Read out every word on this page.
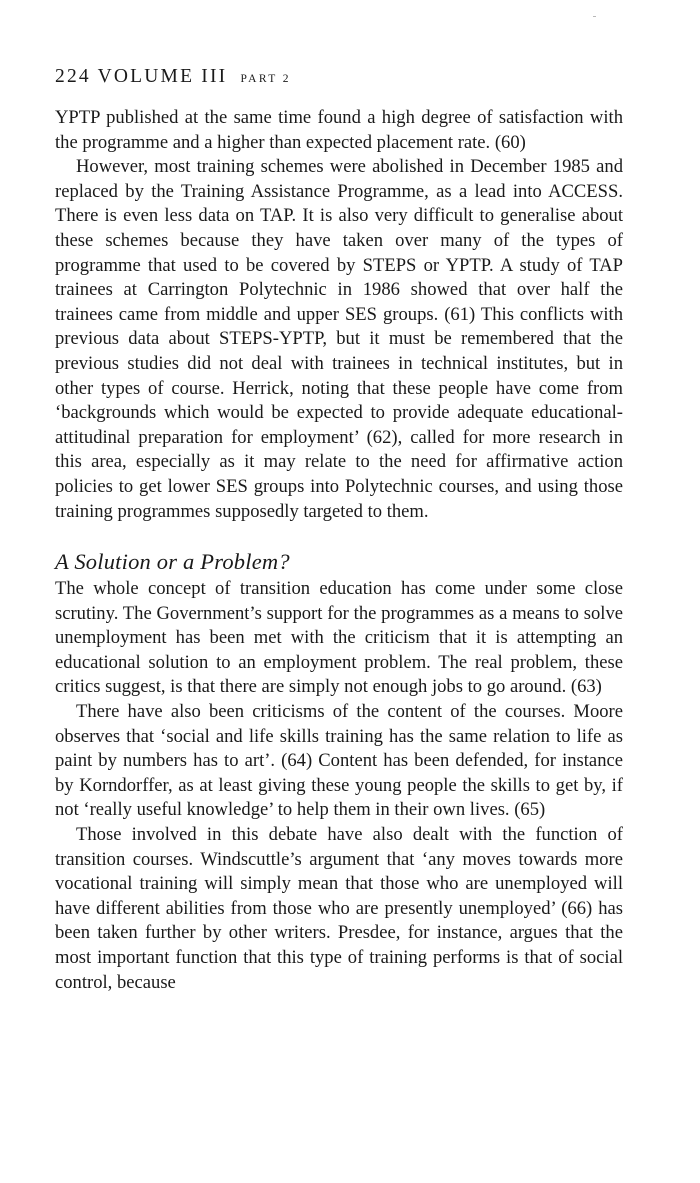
224 VOLUME III PART 2

YPTP published at the same time found a high degree of satisfaction with the programme and a higher than expected placement rate. (60)

However, most training schemes were abolished in December 1985 and replaced by the Training Assistance Programme, as a lead into ACCESS. There is even less data on TAP. It is also very difficult to generalise about these schemes because they have taken over many of the types of programme that used to be covered by STEPS or YPTP. A study of TAP trainees at Carrington Polytechnic in 1986 showed that over half the trainees came from middle and upper SES groups. (61) This conflicts with previous data about STEPS-YPTP, but it must be remembered that the previous studies did not deal with trainees in technical institutes, but in other types of course. Herrick, noting that these people have come from ‘backgrounds which would be expected to provide adequate educational-attitudinal preparation for employment’ (62), called for more research in this area, especially as it may relate to the need for affirmative action policies to get lower SES groups into Polytechnic courses, and using those training programmes supposedly targeted to them.

A Solution or a Problem?

The whole concept of transition education has come under some close scrutiny. The Government’s support for the programmes as a means to solve unemployment has been met with the criticism that it is attempting an educational solution to an employment problem. The real problem, these critics suggest, is that there are simply not enough jobs to go around. (63)

There have also been criticisms of the content of the courses. Moore observes that ‘social and life skills training has the same relation to life as paint by numbers has to art’. (64) Content has been defended, for instance by Korndorffer, as at least giving these young people the skills to get by, if not ‘really useful knowledge’ to help them in their own lives. (65)

Those involved in this debate have also dealt with the function of transition courses. Windscuttle’s argument that ‘any moves towards more vocational training will simply mean that those who are unemployed will have different abilities from those who are presently unemployed’ (66) has been taken further by other writers. Presdee, for instance, argues that the most important function that this type of training performs is that of social control, because
